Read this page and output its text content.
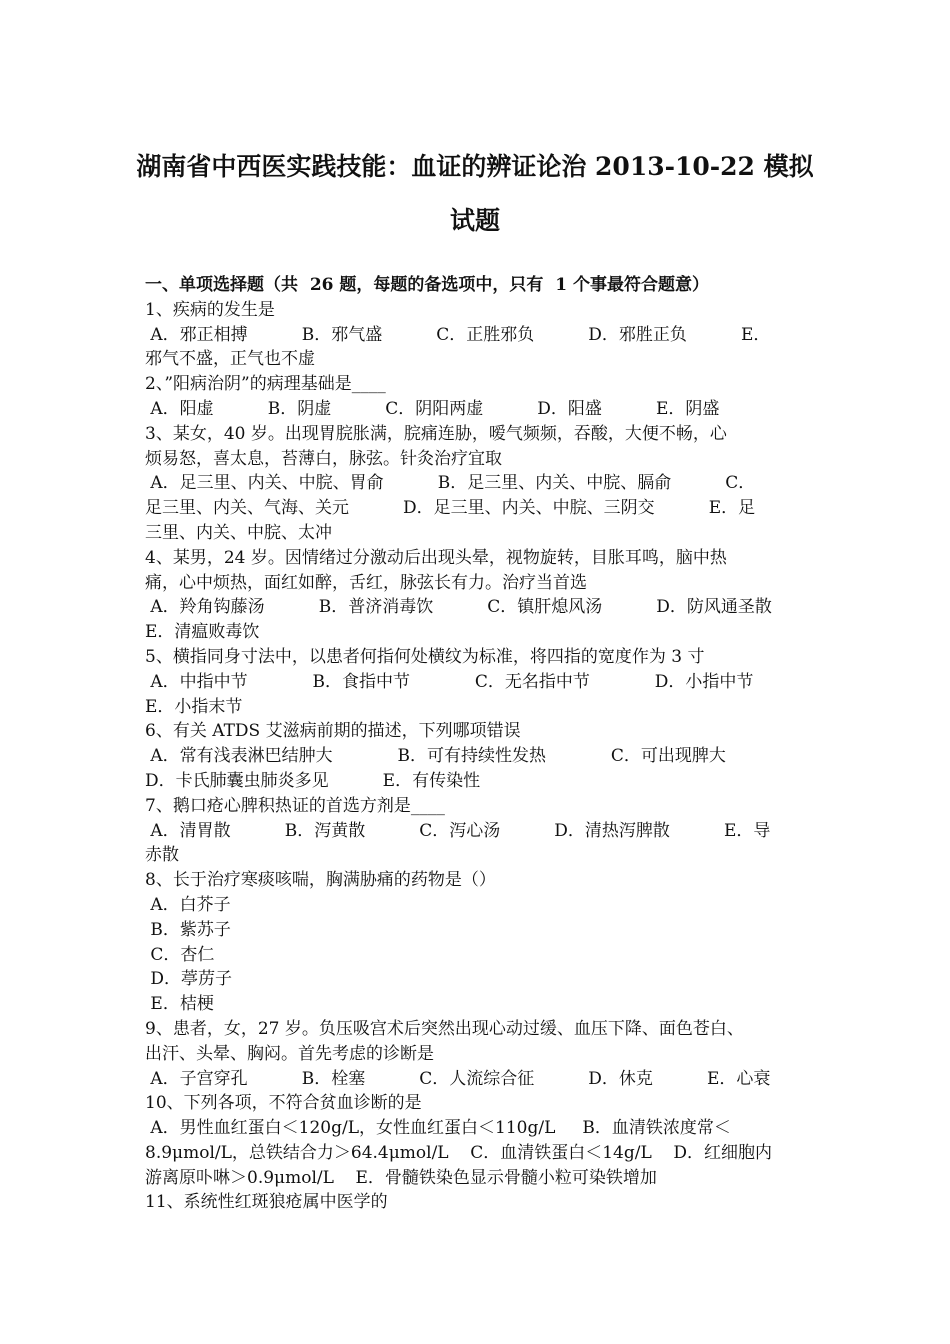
湖南省中西医实践技能：血证的辨证论治 2013-10-22 模拟
试题
一、单项选择题（共  26 题，每题的备选项中，只有  1 个事最符合题意）
1、疾病的发生是
A．邪正相搏          B．邪气盛          C．正胜邪负          D．邪胜正负          E．
邪气不盛，正气也不虚
2、”阳病治阴”的病理基础是____
A．阳虚          B．阴虚          C．阴阳两虚          D．阳盛          E．阴盛
3、某女，40 岁。出现胃脘胀满，脘痛连胁，嗳气频频，吞酸，大便不畅，心
烦易怒，喜太息，苔薄白，脉弦。针灸治疗宜取
A．足三里、内关、中脘、胃俞          B．足三里、内关、中脘、膈俞          C．
足三里、内关、气海、关元          D．足三里、内关、中脘、三阴交          E．足
三里、内关、中脘、太冲
4、某男，24 岁。因情绪过分激动后出现头晕，视物旋转，目胀耳鸣，脑中热
痛，心中烦热，面红如醉，舌红，脉弦长有力。治疗当首选
A．羚角钩藤汤          B．普济消毒饮          C．镇肝熄风汤          D．防风通圣散
E．清瘟败毒饮
5、横指同身寸法中，以患者何指何处横纹为标准，将四指的宽度作为 3 寸
A．中指中节            B．食指中节            C．无名指中节            D．小指中节
E．小指末节
6、有关 ATDS 艾滋病前期的描述，下列哪项错误
A．常有浅表淋巴结肿大            B．可有持续性发热            C．可出现脾大
D．卡氏肺囊虫肺炎多见          E．有传染性
7、鹅口疮心脾积热证的首选方剂是____
A．清胃散          B．泻黄散          C．泻心汤          D．清热泻脾散          E．导
赤散
8、长于治疗寒痰咳喘，胸满胁痛的药物是（）
A．白芥子
B．紫苏子
C．杏仁
D．葶苈子
E．桔梗
9、患者，女，27 岁。负压吸宫术后突然出现心动过缓、血压下降、面色苍白、
出汗、头晕、胸闷。首先考虑的诊断是
A．子宫穿孔          B．栓塞          C．人流综合征          D．休克          E．心衰
10、下列各项，不符合贫血诊断的是
A．男性血红蛋白＜120g/L，女性血红蛋白＜110g/L     B．血清铁浓度常＜
8.9μmol/L，总铁结合力＞64.4μmol/L    C．血清铁蛋白＜14g/L    D．红细胞内
游离原卟啉＞0.9μmol/L    E．骨髓铁染色显示骨髓小粒可染铁增加
11、系统性红斑狼疮属中医学的
